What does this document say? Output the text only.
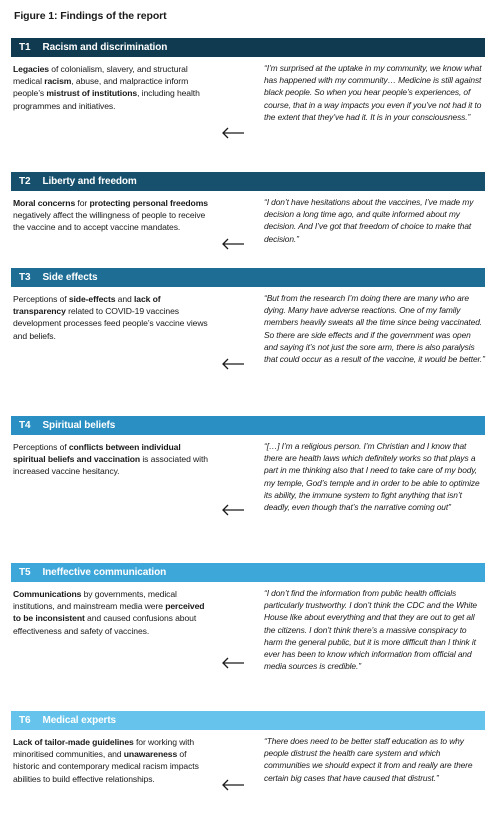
Figure 1: Findings of the report
T1 Racism and discrimination
Legacies of colonialism, slavery, and structural medical racism, abuse, and malpractice inform people’s mistrust of institutions, including health programmes and initiatives.
“I’m surprised at the uptake in my community, we know what has happened with my community… Medicine is still against black people. So when you hear people’s experiences, of course, that in a way impacts you even if you’ve not had it to the extent that they’ve had it. It is in your consciousness.”
T2 Liberty and freedom
Moral concerns for protecting personal freedoms negatively affect the willingness of people to receive the vaccine and to accept vaccine mandates.
“I don’t have hesitations about the vaccines, I’ve made my decision a long time ago, and quite informed about my decision. And I’ve got that freedom of choice to make that decision.”
T3 Side effects
Perceptions of side-effects and lack of transparency related to COVID-19 vaccines development processes feed people’s vaccine views and beliefs.
“But from the research I’m doing there are many who are dying. Many have adverse reactions. One of my family members heavily sweats all the time since being vaccinated. So there are side effects and if the government was open and saying it’s not just the sore arm, there is also paralysis that could occur as a result of the vaccine, it would be better.”
T4 Spiritual beliefs
Perceptions of conflicts between individual spiritual beliefs and vaccination is associated with increased vaccine hesitancy.
“[…] I’m a religious person. I’m Christian and I know that there are health laws which definitely works so that plays a part in me thinking also that I need to take care of my body, my temple, God’s temple and in order to be able to optimize its ability, the immune system to fight anything that isn’t deadly, even though that’s the narrative coming out”
T5 Ineffective communication
Communications by governments, medical institutions, and mainstream media were perceived to be inconsistent and caused confusions about effectiveness and safety of vaccines.
“I don’t find the information from public health officials particularly trustworthy. I don’t think the CDC and the White House like about everything and that they are out to get all the citizens. I don’t think there’s a massive conspiracy to harm the general public, but it is more difficult than I think it ever has been to know which information from official and media sources is credible.”
T6 Medical experts
Lack of tailor-made guidelines for working with minoritised communities, and unawareness of historic and contemporary medical racism impacts abilities to build effective relationships.
“There does need to be better staff education as to why people distrust the health care system and which communities we should expect it from and really are there certain big cases that have caused that distrust.”
